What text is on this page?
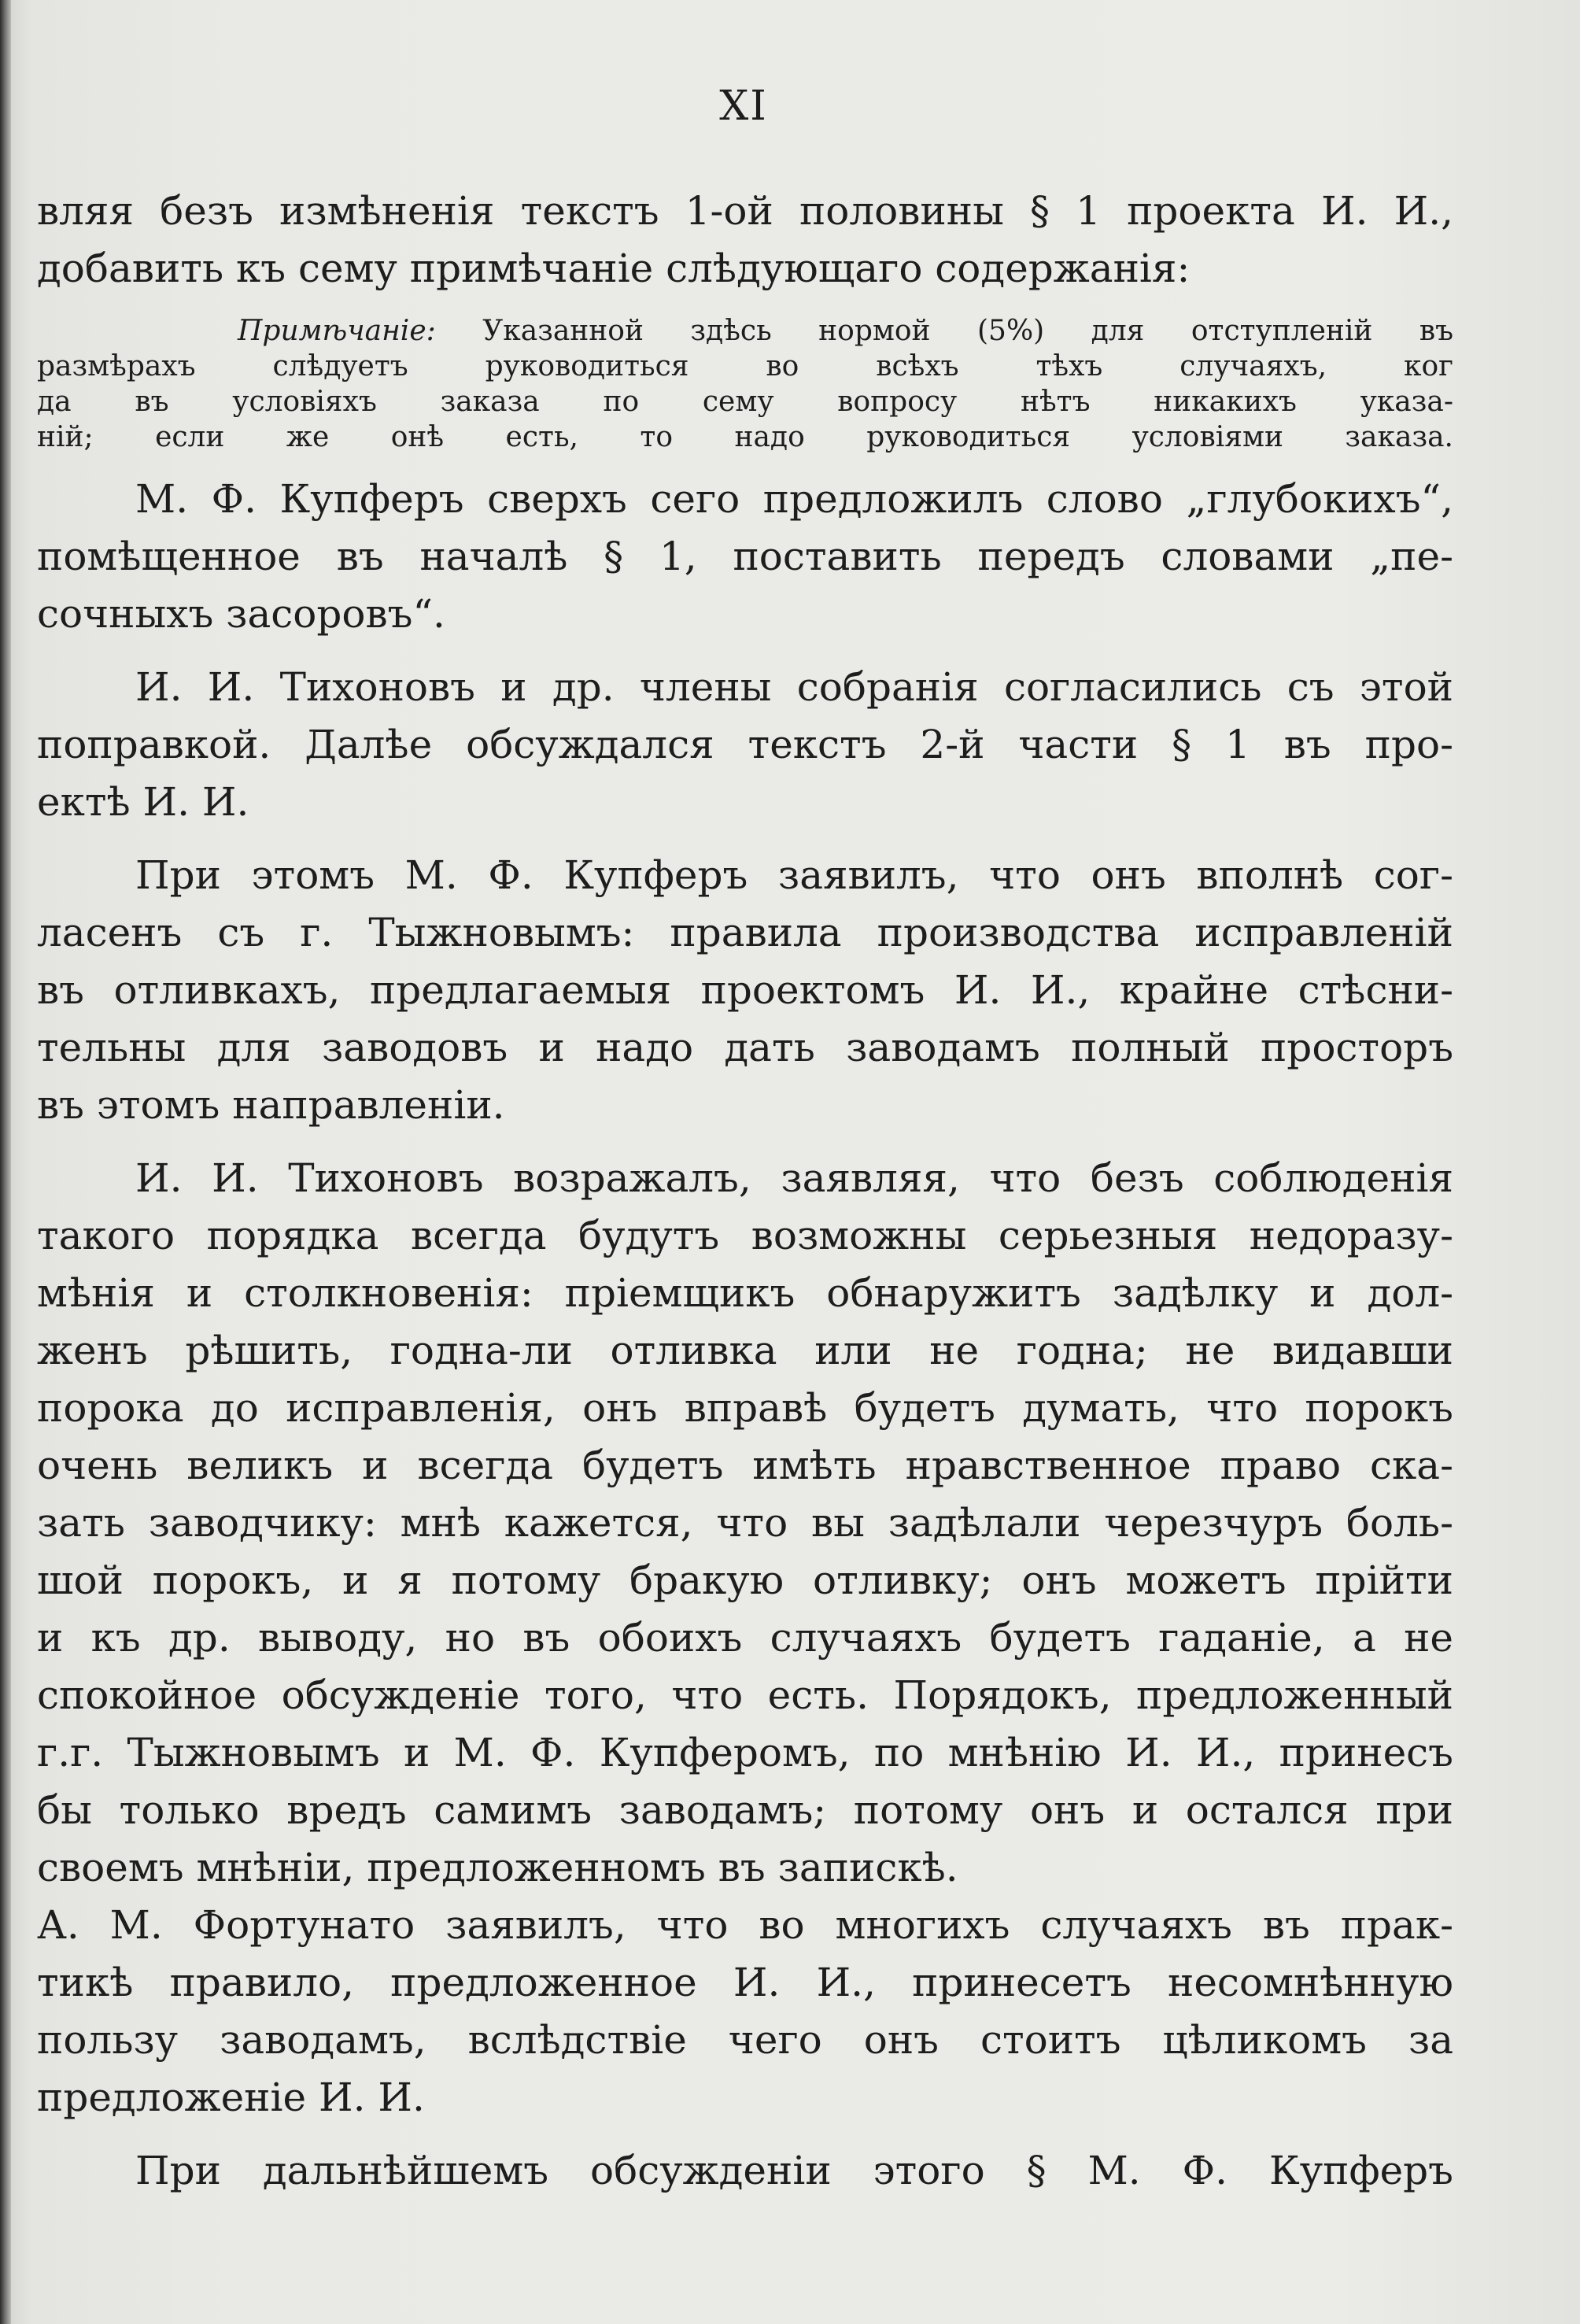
XI
вляя безъ измѣненія текстъ 1-ой половины § 1 проекта И. И.,
добавить къ сему примѣчаніе слѣдующаго содержанія:
Примѣчаніе: Указанной здѣсь нормой (5%) для отступленій въ
размѣрахъ слѣдуетъ руководиться во всѣхъ тѣхъ случаяхъ, ког
да въ условіяхъ заказа по сему вопросу нѣтъ никакихъ указа-
ній; если же онѣ есть, то надо руководиться условіями заказа.
М. Ф. Купферъ сверхъ сего предложилъ слово „глубокихъ“,
помѣщенное въ началѣ § 1, поставить передъ словами „пе-
сочныхъ засоровъ“.
И. И. Тихоновъ и др. члены собранія согласились съ этой
поправкой. Далѣе обсуждался текстъ 2-й части § 1 въ про-
ектѣ И. И.
При этомъ М. Ф. Купферъ заявилъ, что онъ вполнѣ сог-
ласенъ съ г. Тыжновымъ: правила производства исправленій
въ отливкахъ, предлагаемыя проектомъ И. И., крайне стѣсни-
тельны для заводовъ и надо дать заводамъ полный просторъ
въ этомъ направленіи.
И. И. Тихоновъ возражалъ, заявляя, что безъ соблюденія
такого порядка всегда будутъ возможны серьезныя недоразу-
мѣнія и столкновенія: пріемщикъ обнаружитъ задѣлку и дол-
женъ рѣшить, годна-ли отливка или не годна; не видавши
порока до исправленія, онъ вправѣ будетъ думать, что порокъ
очень великъ и всегда будетъ имѣть нравственное право ска-
зать заводчику: мнѣ кажется, что вы задѣлали черезчуръ боль-
шой порокъ, и я потому бракую отливку; онъ можетъ прійти
и къ др. выводу, но въ обоихъ случаяхъ будетъ гаданіе, а не
спокойное обсужденіе того, что есть. Порядокъ, предложенный
г.г. Тыжновымъ и М. Ф. Купферомъ, по мнѣнію И. И., принесъ
бы только вредъ самимъ заводамъ; потому онъ и остался при
своемъ мнѣніи, предложенномъ въ запискѣ.
А. М. Фортунато заявилъ, что во многихъ случаяхъ въ прак-
тикѣ правило, предложенное И. И., принесетъ несомнѣнную
пользу заводамъ, вслѣдствіе чего онъ стоитъ цѣликомъ за
предложеніе И. И.
При дальнѣйшемъ обсужденіи этого § М. Ф. Купферъ
